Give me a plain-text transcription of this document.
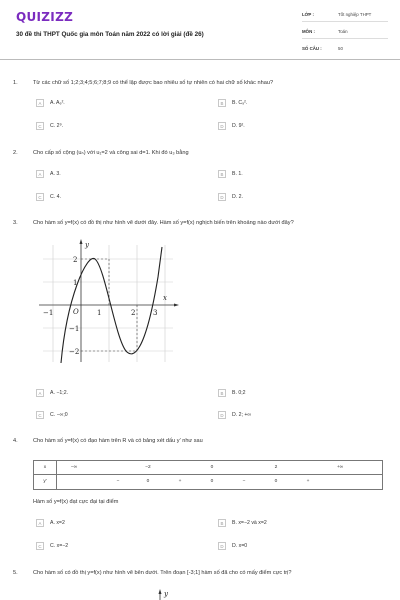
QUIZIZZ
30 đề thi THPT Quốc gia môn Toán năm 2022 có lời giải (đề 26)
LỚP :	Tốt nghiệp THPT
MÔN :	Toán
SỐ CÂU :	50
1.	Từ các chữ số 1;2;3;4;5;6;7;8;9 có thể lập được bao nhiêu số tự nhiên có hai chữ số khác nhau?
A	A. A₉².	B	B. C₉².
C	C. 2⁹.	D	D. 9².
2.	Cho cấp số cộng (uₙ) với u₁=2 và công sai d=1. Khi đó u₃ bằng
A	A. 3.	B	B. 1.
C	C. 4.	D	D. 2.
3.	Cho hàm số y=f(x) có đồ thị như hình vẽ dưới đây. Hàm số y=f(x) nghịch biến trên khoảng nào dưới đây?
y
x
O
−1	1	2	3
2
1
−1
−2
A	A. −1;2.	B	B. 0;2
C	C. −∞;0	D	D. 2; +∞
4.	Cho hàm số y=f(x) có đạo hàm trên R và có bảng xét dấu y′ như sau
x	−∞	−2	0	2	+∞
y′	−	0	+	0	−	0	+
Hàm số y=f(x) đạt cực đại tại điểm
A	A. x=2	B	B. x=−2 và x=2
C	C. x=−2	D	D. x=0
5.	Cho hàm số có đồ thị y=f(x) như hình vẽ bên dưới. Trên đoạn [-3;1] hàm số đã cho có mấy điểm cực trị?
y
